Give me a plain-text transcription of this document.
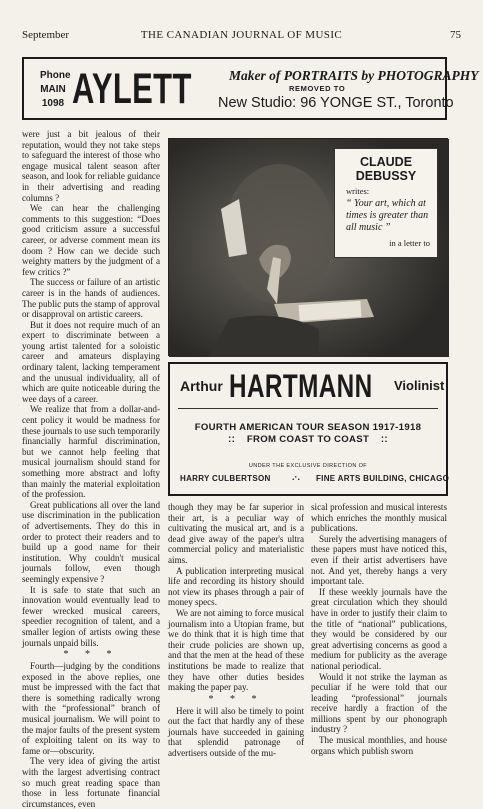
September	THE CANADIAN JOURNAL OF MUSIC	75
Phone
MAIN
1098 AYLETT	Maker of PORTRAITS by PHOTOGRAPHY
REMOVED TO
New Studio: 96 YONGE ST., Toronto

were just a bit jealous of their reputation, would they not take steps to safeguard the interest of those who engage musical talent season after season, and look for reliable guidance in their advertising and reading columns ?

We can hear the challenging comments to this suggestion: “Does good criticism assure a successful career, or adverse comment mean its doom ? How can we decide such weighty matters by the judgment of a few critics ?”

The success or failure of an artistic career is in the hands of audiences. The public puts the stamp of approval or disapproval on artistic careers.

But it does not require much of an expert to discriminate between a young artist talented for a soloistic career and amateurs displaying ordinary talent, lacking temperament and the unusual individuality, all of which are quite noticeable during the wee days of a career.

We realize that from a dollar-and-cent policy it would be madness for these journals to use such temporarily financially harmful discrimination, but we cannot help feeling that musical journalism should stand for something more abstract and lofty than mainly the material exploitation of the profession.

Great publications all over the land use discrimination in the publication of advertisements. They do this in order to protect their readers and to build up a good name for their institution. Why couldn't musical journals follow, even though seemingly expensive ?

It is safe to state that such an innovation would eventually lead to fewer wrecked musical careers, speedier recognition of talent, and a smaller legion of artists owing these journals unpaid bills.

* * *

Fourth—judging by the conditions exposed in the above replies, one must be impressed with the fact that there is something radically wrong with the “professional” branch of musical journalism. We will point to the major faults of the present system of exploiting talent on its way to fame or—obscurity.

The very idea of giving the artist with the largest advertising contract so much great reading space than those in less fortunate financial circumstances, even

CLAUDE
DEBUSSY
writes:
“ Your art, which at times is greater than all music ”
in a letter to
Arthur HARTMANN Violinist
FOURTH AMERICAN TOUR SEASON 1917-1918
::	FROM COAST TO COAST	::
UNDER THE EXCLUSIVE DIRECTION OF
HARRY CULBERTSON .·. FINE ARTS BUILDING, CHICAGO

though they may be far superior in their art, is a peculiar way of cultivating the musical art, and is a dead give away of the paper's ultra commercial policy and materialistic aims.

A publication interpreting musical life and recording its history should not view its phases through a pair of money specs.

We are not aiming to force musical journalism into a Utopian frame, but we do think that it is high time that their crude policies are shown up, and that the men at the head of these institutions be made to realize that they have other duties besides making the paper pay.

* * *

Here it will also be timely to point out the fact that hardly any of these journals have succeeded in gaining that splendid patronage of advertisers outside of the mu-

sical profession and musical interests which enriches the monthly musical publications.

Surely the advertising managers of these papers must have noticed this, even if their artist advertisers have not. And yet, thereby hangs a very important tale.

If these weekly journals have the great circulation which they should have in order to justify their claim to the title of “national” publications, they would be considered by our great advertising concerns as good a medium for publicity as the average national periodical.

Would it not strike the layman as peculiar if he were told that our leading “professional” journals receive hardly a fraction of the millions spent by our phonograph industry ?

The musical monthlies, and house organs which publish sworn
